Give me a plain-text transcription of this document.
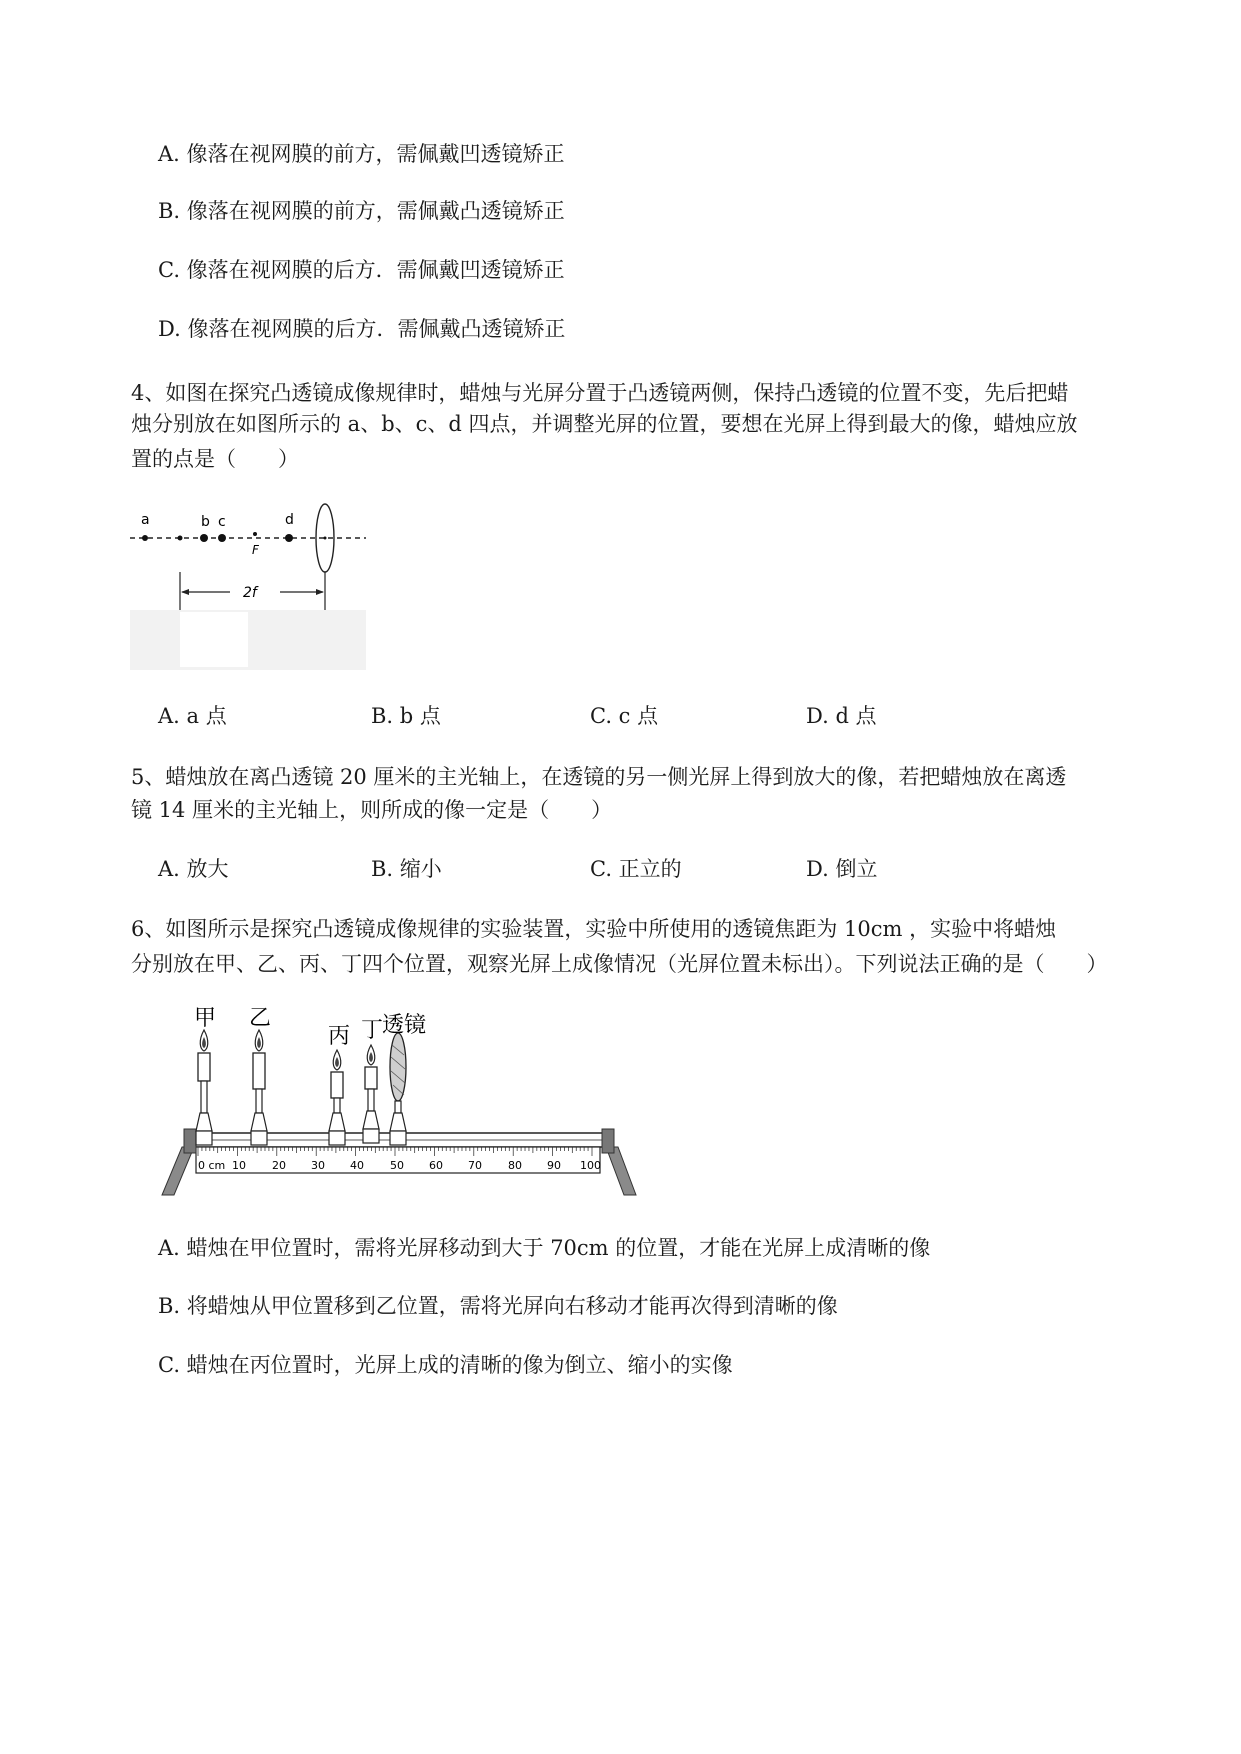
A. 像落在视网膜的前方，需佩戴凹透镜矫正
B. 像落在视网膜的前方，需佩戴凸透镜矫正
C. 像落在视网膜的后方．需佩戴凹透镜矫正
D. 像落在视网膜的后方．需佩戴凸透镜矫正
4、如图在探究凸透镜成像规律时，蜡烛与光屏分置于凸透镜两侧，保持凸透镜的位置不变，先后把蜡
烛分别放在如图所示的 a、b、c、d 四点，并调整光屏的位置，要想在光屏上得到最大的像，蜡烛应放
置的点是（　　）
a	b c
F
d
2f
A. a 点	B. b 点	C. c 点	D. d 点
5、蜡烛放在离凸透镜 20 厘米的主光轴上，在透镜的另一侧光屏上得到放大的像，若把蜡烛放在离透
镜 14 厘米的主光轴上，则所成的像一定是（　　）
A. 放大	B. 缩小	C. 正立的	D. 倒立
6、如图所示是探究凸透镜成像规律的实验装置，实验中所使用的透镜焦距为 10cm ，实验中将蜡烛
分别放在甲、乙、丙、丁四个位置，观察光屏上成像情况（光屏位置未标出）。下列说法正确的是（　　）
0 cm 10 20 30 40 50 60 70 80 90 100
甲 乙
丙 丁
透镜
A. 蜡烛在甲位置时，需将光屏移动到大于 70cm 的位置，才能在光屏上成清晰的像
B. 将蜡烛从甲位置移到乙位置，需将光屏向右移动才能再次得到清晰的像
C. 蜡烛在丙位置时，光屏上成的清晰的像为倒立、缩小的实像
